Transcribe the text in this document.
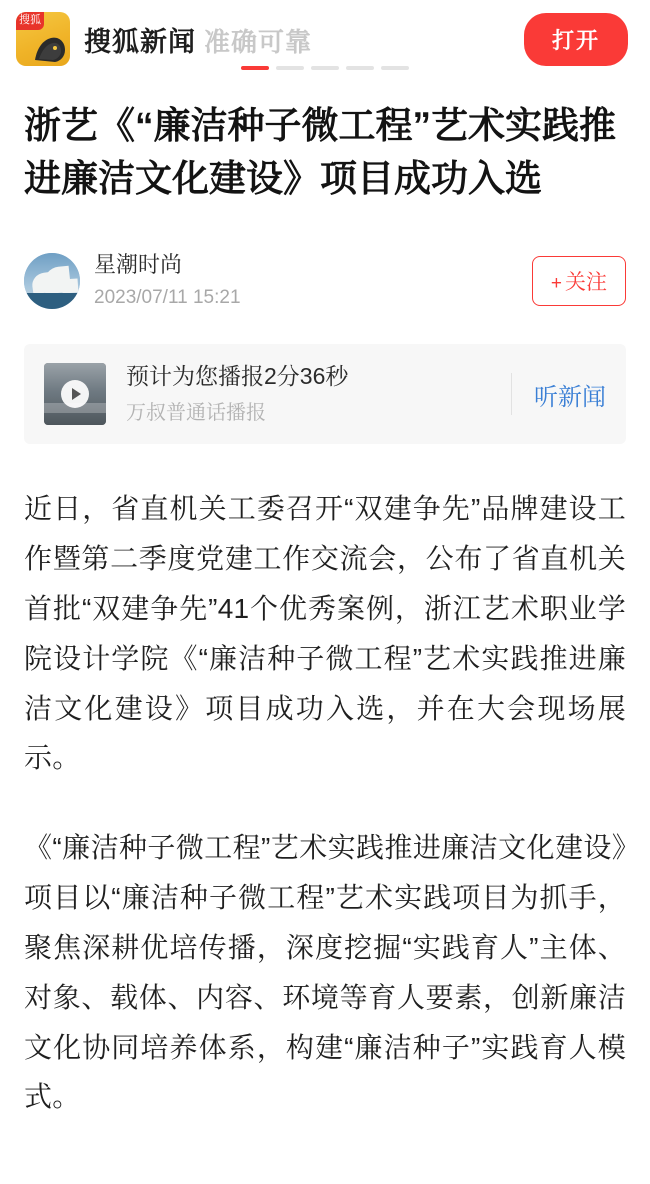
搜狐
搜狐新闻 准确可靠	打开
浙艺《“廉洁种子微工程”艺术实践推进廉洁文化建设》项目成功入选
星潮时尚
2023/07/11 15:21
+ 关注
预计为您播报2分36秒
万叔普通话播报
听新闻

近日，省直机关工委召开“双建争先”品牌建设工作暨第二季度党建工作交流会，公布了省直机关首批“双建争先”41个优秀案例，浙江艺术职业学院设计学院《“廉洁种子微工程”艺术实践推进廉洁文化建设》项目成功入选，并在大会现场展示。

《“廉洁种子微工程”艺术实践推进廉洁文化建设》项目以“廉洁种子微工程”艺术实践项目为抓手，聚焦深耕优培传播，深度挖掘“实践育人”主体、对象、载体、内容、环境等育人要素，创新廉洁文化协同培养体系，构建“廉洁种子”实践育人模式。
